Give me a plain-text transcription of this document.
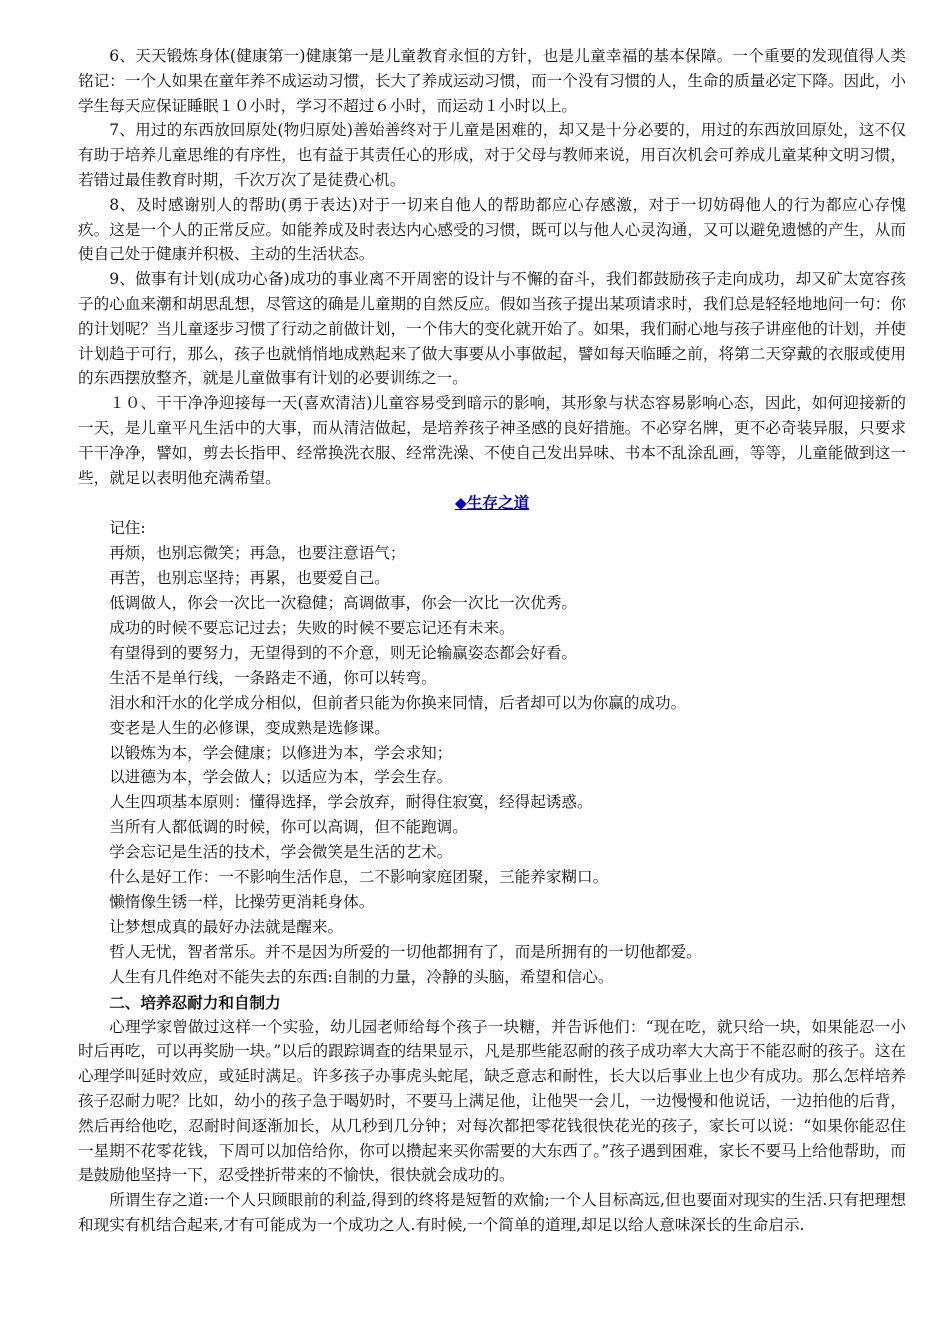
6、天天锻炼身体(健康第一)健康第一是儿童教育永恒的方针，也是儿童幸福的基本保障。一个重要的发现值得人类铭记：一个人如果在童年养不成运动习惯，长大了养成运动习惯，而一个没有习惯的人，生命的质量必定下降。因此，小学生每天应保证睡眠１０小时，学习不超过６小时，而运动１小时以上。

7、用过的东西放回原处(物归原处)善始善终对于儿童是困难的，却又是十分必要的，用过的东西放回原处，这不仅有助于培养儿童思维的有序性，也有益于其责任心的形成，对于父母与教师来说，用百次机会可养成儿童某种文明习惯，若错过最佳教育时期，千次万次了是徒费心机。

8、及时感谢别人的帮助(勇于表达)对于一切来自他人的帮助都应心存感激，对于一切妨碍他人的行为都应心存愧疚。这是一个人的正常反应。如能养成及时表达内心感受的习惯，既可以与他人心灵沟通，又可以避免遗憾的产生，从而使自己处于健康并积极、主动的生活状态。

9、做事有计划(成功心备)成功的事业离不开周密的设计与不懈的奋斗，我们都鼓励孩子走向成功，却又矿太宽容孩子的心血来潮和胡思乱想，尽管这的确是儿童期的自然反应。假如当孩子提出某项请求时，我们总是轻轻地地问一句：你的计划呢？当儿童逐步习惯了行动之前做计划，一个伟大的变化就开始了。如果，我们耐心地与孩子讲座他的计划，并使计划趋于可行，那么，孩子也就悄悄地成熟起来了做大事要从小事做起，譬如每天临睡之前，将第二天穿戴的衣服或使用的东西摆放整齐，就是儿童做事有计划的必要训练之一。

１０、干干净净迎接每一天(喜欢清洁)儿童容易受到暗示的影响，其形象与状态容易影响心态，因此，如何迎接新的一天，是儿童平凡生活中的大事，而从清洁做起，是培养孩子神圣感的良好措施。不必穿名牌，更不必奇装异服，只要求干干净净，譬如，剪去长指甲、经常换洗衣服、经常洗澡、不使自己发出异味、书本不乱涂乱画，等等，儿童能做到这一些，就足以表明他充满希望。

◆生存之道

记住:

再烦，也别忘微笑；再急，也要注意语气；

再苦，也别忘坚持；再累，也要爱自己。

低调做人，你会一次比一次稳健；高调做事，你会一次比一次优秀。

成功的时候不要忘记过去；失败的时候不要忘记还有未来。

有望得到的要努力，无望得到的不介意，则无论输赢姿态都会好看。

生活不是单行线，一条路走不通，你可以转弯。

泪水和汗水的化学成分相似，但前者只能为你换来同情，后者却可以为你赢的成功。

变老是人生的必修课，变成熟是选修课。

以锻炼为本，学会健康；以修进为本，学会求知；

以进德为本，学会做人；以适应为本，学会生存。

人生四项基本原则：懂得选择，学会放弃，耐得住寂寞，经得起诱惑。

当所有人都低调的时候，你可以高调，但不能跑调。

学会忘记是生活的技术，学会微笑是生活的艺术。

什么是好工作：一不影响生活作息，二不影响家庭团聚，三能养家糊口。

懒惰像生锈一样，比操劳更消耗身体。

让梦想成真的最好办法就是醒来。

哲人无忧，智者常乐。并不是因为所爱的一切他都拥有了，而是所拥有的一切他都爱。

人生有几件绝对不能失去的东西:自制的力量，冷静的头脑，希望和信心。

二、培养忍耐力和自制力

心理学家曾做过这样一个实验，幼儿园老师给每个孩子一块糖，并告诉他们：“现在吃，就只给一块，如果能忍一小时后再吃，可以再奖励一块。”以后的跟踪调查的结果显示，凡是那些能忍耐的孩子成功率大大高于不能忍耐的孩子。这在心理学叫延时效应，或延时满足。许多孩子办事虎头蛇尾，缺乏意志和耐性，长大以后事业上也少有成功。那么怎样培养孩子忍耐力呢？比如，幼小的孩子急于喝奶时，不要马上满足他，让他哭一会儿，一边慢慢和他说话，一边拍他的后背，然后再给他吃，忍耐时间逐渐加长，从几秒到几分钟；对每次都把零花钱很快花光的孩子，家长可以说：“如果你能忍住一星期不花零花钱，下周可以加倍给你，你可以攒起来买你需要的大东西了。”孩子遇到困难，家长不要马上给他帮助，而是鼓励他坚持一下，忍受挫折带来的不愉快，很快就会成功的。

所谓生存之道:一个人只顾眼前的利益,得到的终将是短暂的欢愉;一个人目标高远,但也要面对现实的生活.只有把理想和现实有机结合起来,才有可能成为一个成功之人.有时候,一个简单的道理,却足以给人意味深长的生命启示.
